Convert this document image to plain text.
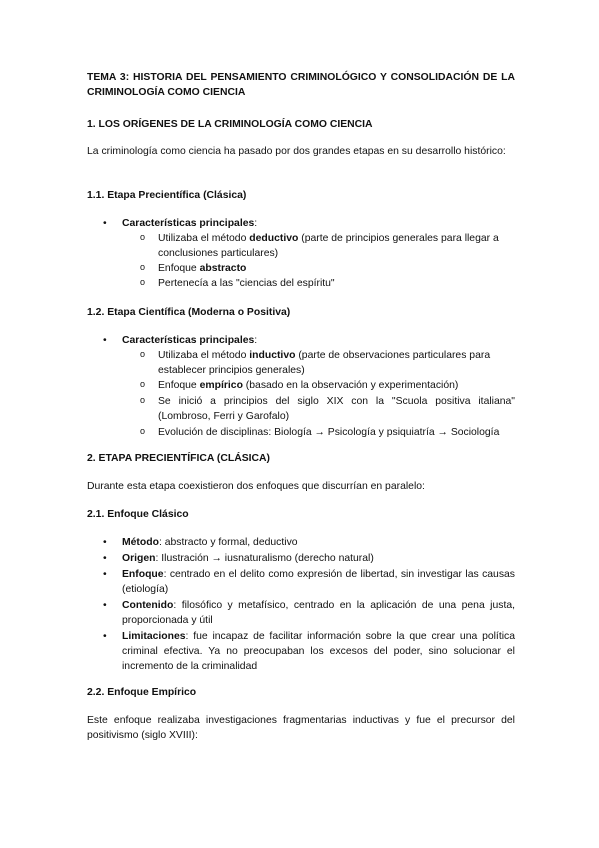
TEMA 3: HISTORIA DEL PENSAMIENTO CRIMINOLÓGICO Y CONSOLIDACIÓN DE LA CRIMINOLOGÍA COMO CIENCIA

1. LOS ORÍGENES DE LA CRIMINOLOGÍA COMO CIENCIA

La criminología como ciencia ha pasado por dos grandes etapas en su desarrollo histórico:

1.1. Etapa Precientífica (Clásica)

• Características principales:
o Utilizaba el método deductivo (parte de principios generales para llegar a conclusiones particulares)
o Enfoque abstracto
o Pertenecía a las "ciencias del espíritu"

1.2. Etapa Científica (Moderna o Positiva)

• Características principales:
o Utilizaba el método inductivo (parte de observaciones particulares para establecer principios generales)
o Enfoque empírico (basado en la observación y experimentación)
o Se inició a principios del siglo XIX con la "Scuola positiva italiana" (Lombroso, Ferri y Garofalo)
o Evolución de disciplinas: Biología → Psicología y psiquiatría → Sociología

2. ETAPA PRECIENTÍFICA (CLÁSICA)

Durante esta etapa coexistieron dos enfoques que discurrían en paralelo:

2.1. Enfoque Clásico

• Método: abstracto y formal, deductivo
• Origen: Ilustración → iusnaturalismo (derecho natural)
• Enfoque: centrado en el delito como expresión de libertad, sin investigar las causas (etiología)
• Contenido: filosófico y metafísico, centrado en la aplicación de una pena justa, proporcionada y útil
• Limitaciones: fue incapaz de facilitar información sobre la que crear una política criminal efectiva. Ya no preocupaban los excesos del poder, sino solucionar el incremento de la criminalidad

2.2. Enfoque Empírico

Este enfoque realizaba investigaciones fragmentarias inductivas y fue el precursor del positivismo (siglo XVIII):
